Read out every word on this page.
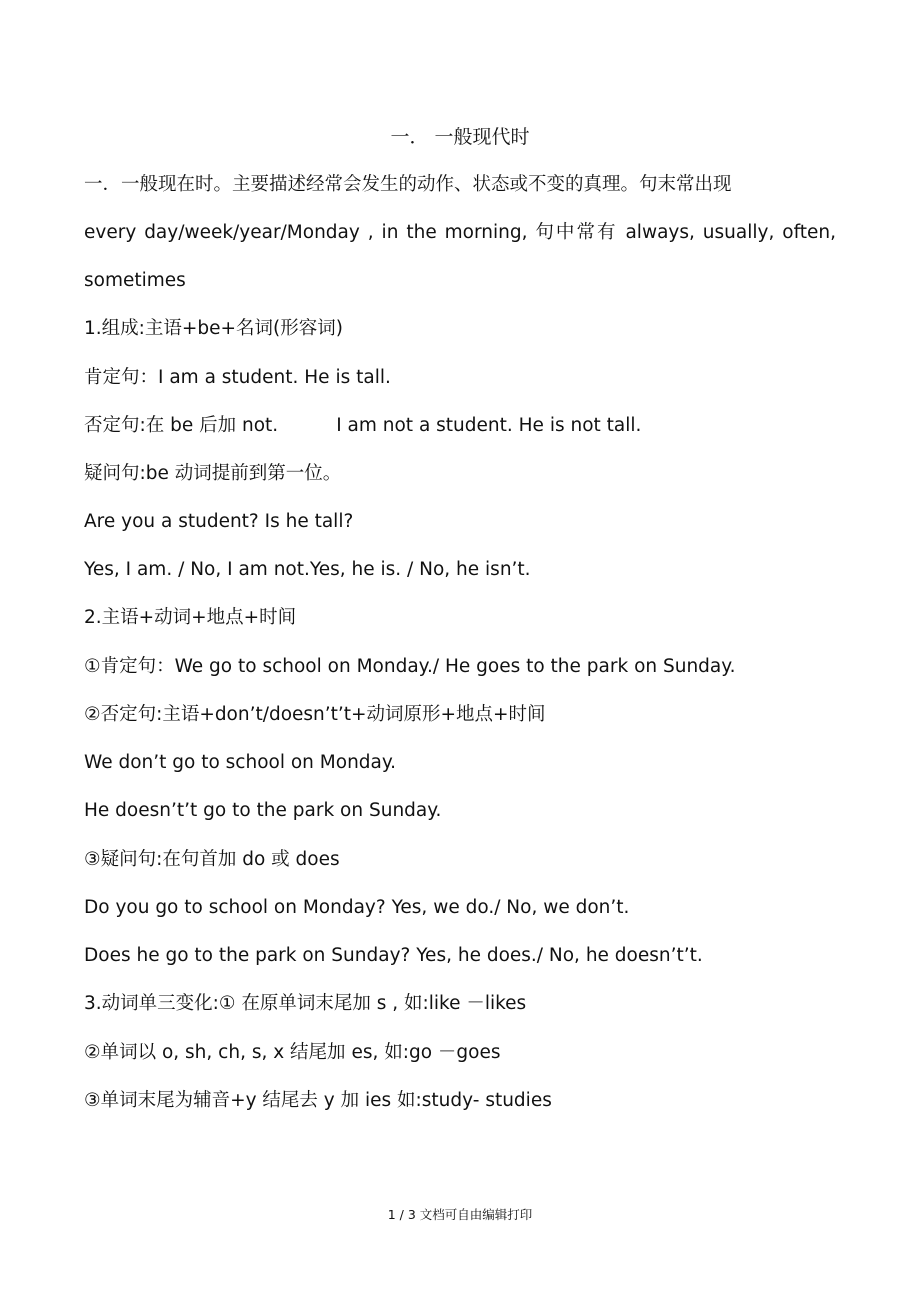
一． 一般现代时
一．一般现在时。主要描述经常会发生的动作、状态或不变的真理。句末常出现
every day/week/year/Monday , in the morning, 句中常有 always, usually, often,
sometimes
1.组成:主语+be+名词(形容词)
肯定句：I am a student. He is tall.
否定句:在 be 后加 not.	I am not a student. He is not tall.
疑问句:be 动词提前到第一位。
Are you a student? Is he tall?
Yes, I am. / No, I am not.Yes, he is. / No, he isn’t.
2.主语+动词+地点+时间
①肯定句：We go to school on Monday./ He goes to the park on Sunday.
②否定句:主语+don’t/doesn’t’t+动词原形+地点+时间
We don’t go to school on Monday.
He doesn’t’t go to the park on Sunday.
③疑问句:在句首加 do 或 does
Do you go to school on Monday? Yes, we do./ No, we don’t.
Does he go to the park on Sunday? Yes, he does./ No, he doesn’t’t.
3.动词单三变化:① 在原单词末尾加 s , 如:like －likes
②单词以 o, sh, ch, s, x 结尾加 es, 如:go －goes
③单词末尾为辅音+y 结尾去 y 加 ies 如:study- studies
1 / 3 文档可自由编辑打印
